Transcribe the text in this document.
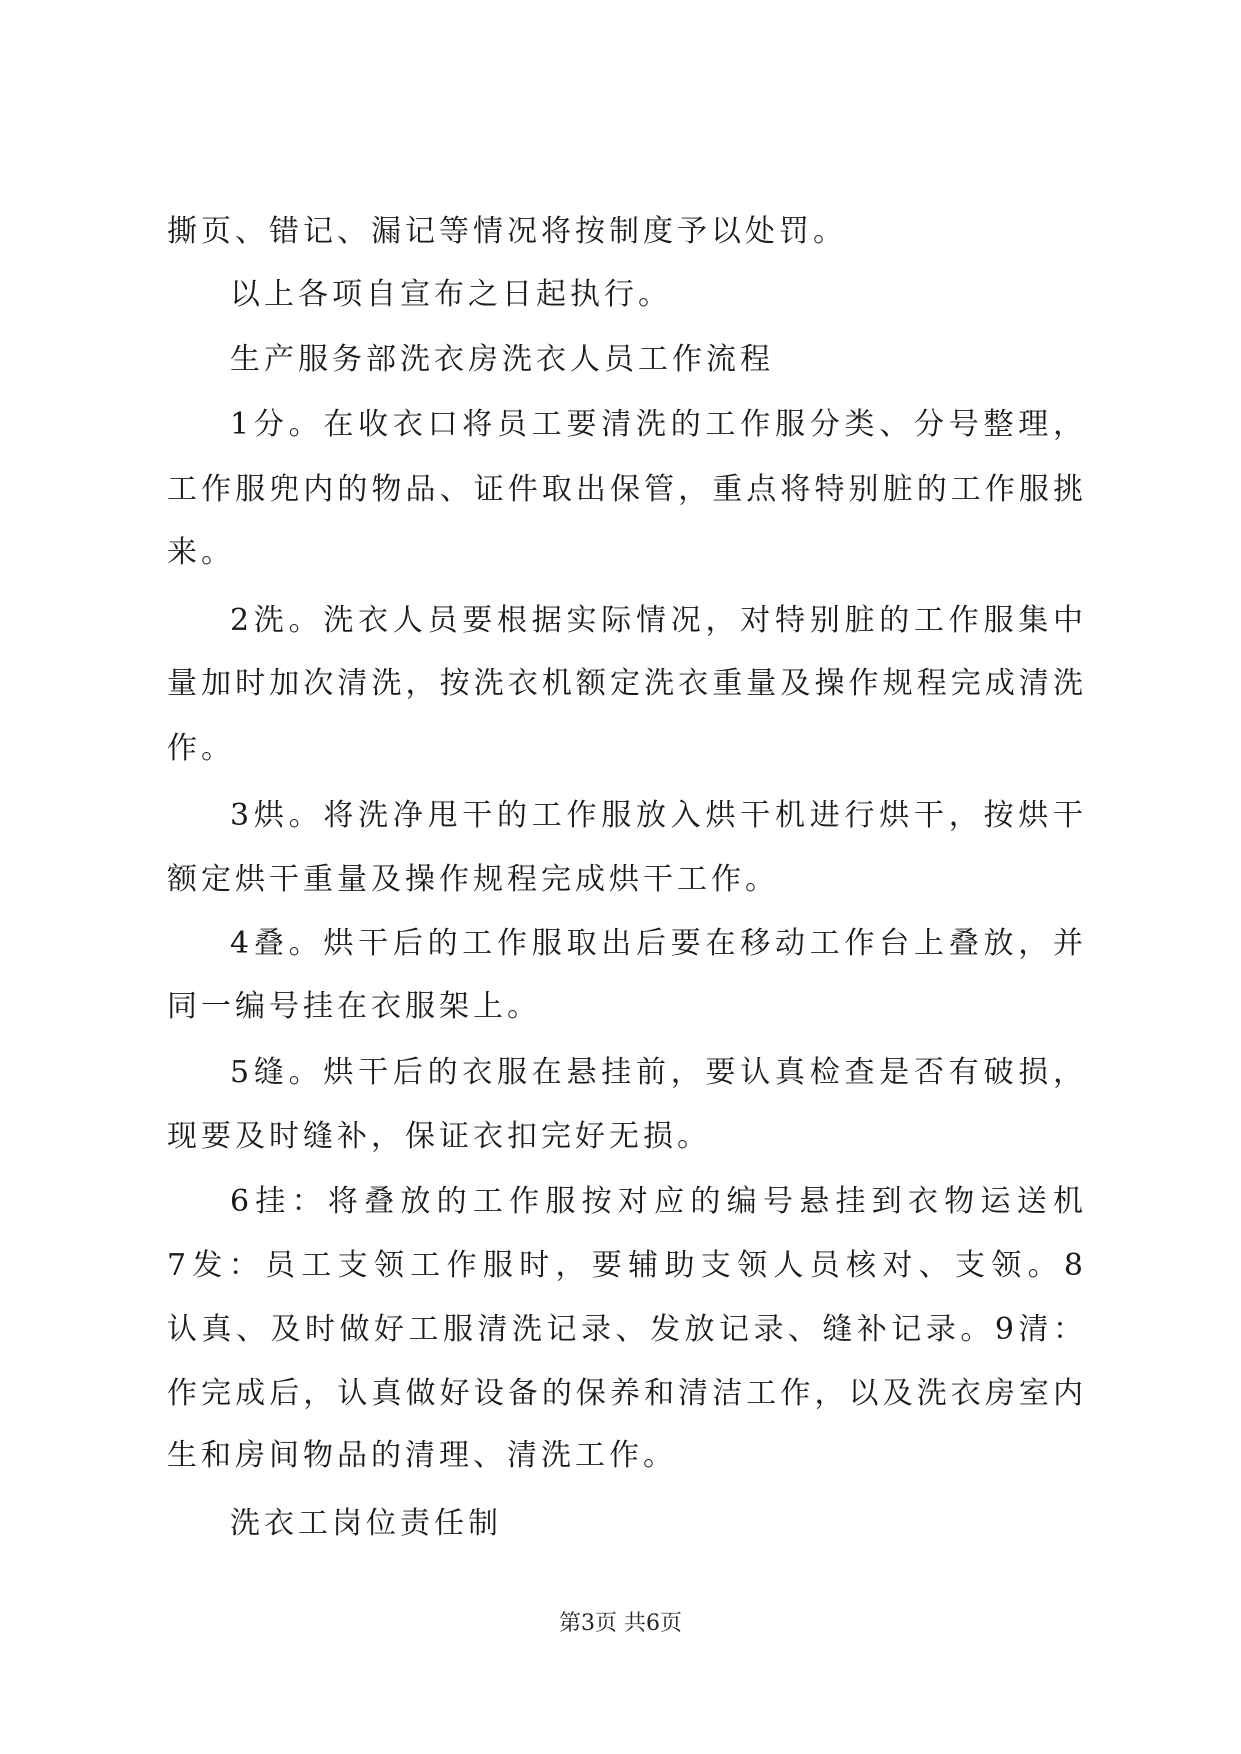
撕页、错记、漏记等情况将按制度予以处罚。
以上各项自宣布之日起执行。
生产服务部洗衣房洗衣人员工作流程
1分。在收衣口将员工要清洗的工作服分类、分号整理，
工作服兜内的物品、证件取出保管，重点将特别脏的工作服挑
来。
2洗。洗衣人员要根据实际情况，对特别脏的工作服集中
量加时加次清洗，按洗衣机额定洗衣重量及操作规程完成清洗
作。
3烘。将洗净甩干的工作服放入烘干机进行烘干，按烘干
额定烘干重量及操作规程完成烘干工作。
4叠。烘干后的工作服取出后要在移动工作台上叠放，并
同一编号挂在衣服架上。
5缝。烘干后的衣服在悬挂前，要认真检查是否有破损，
现要及时缝补，保证衣扣完好无损。
6挂：将叠放的工作服按对应的编号悬挂到衣物运送机
7发：员工支领工作服时，要辅助支领人员核对、支领。8
认真、及时做好工服清洗记录、发放记录、缝补记录。9清：
作完成后，认真做好设备的保养和清洁工作，以及洗衣房室内
生和房间物品的清理、清洗工作。
洗衣工岗位责任制
第3页 共6页
